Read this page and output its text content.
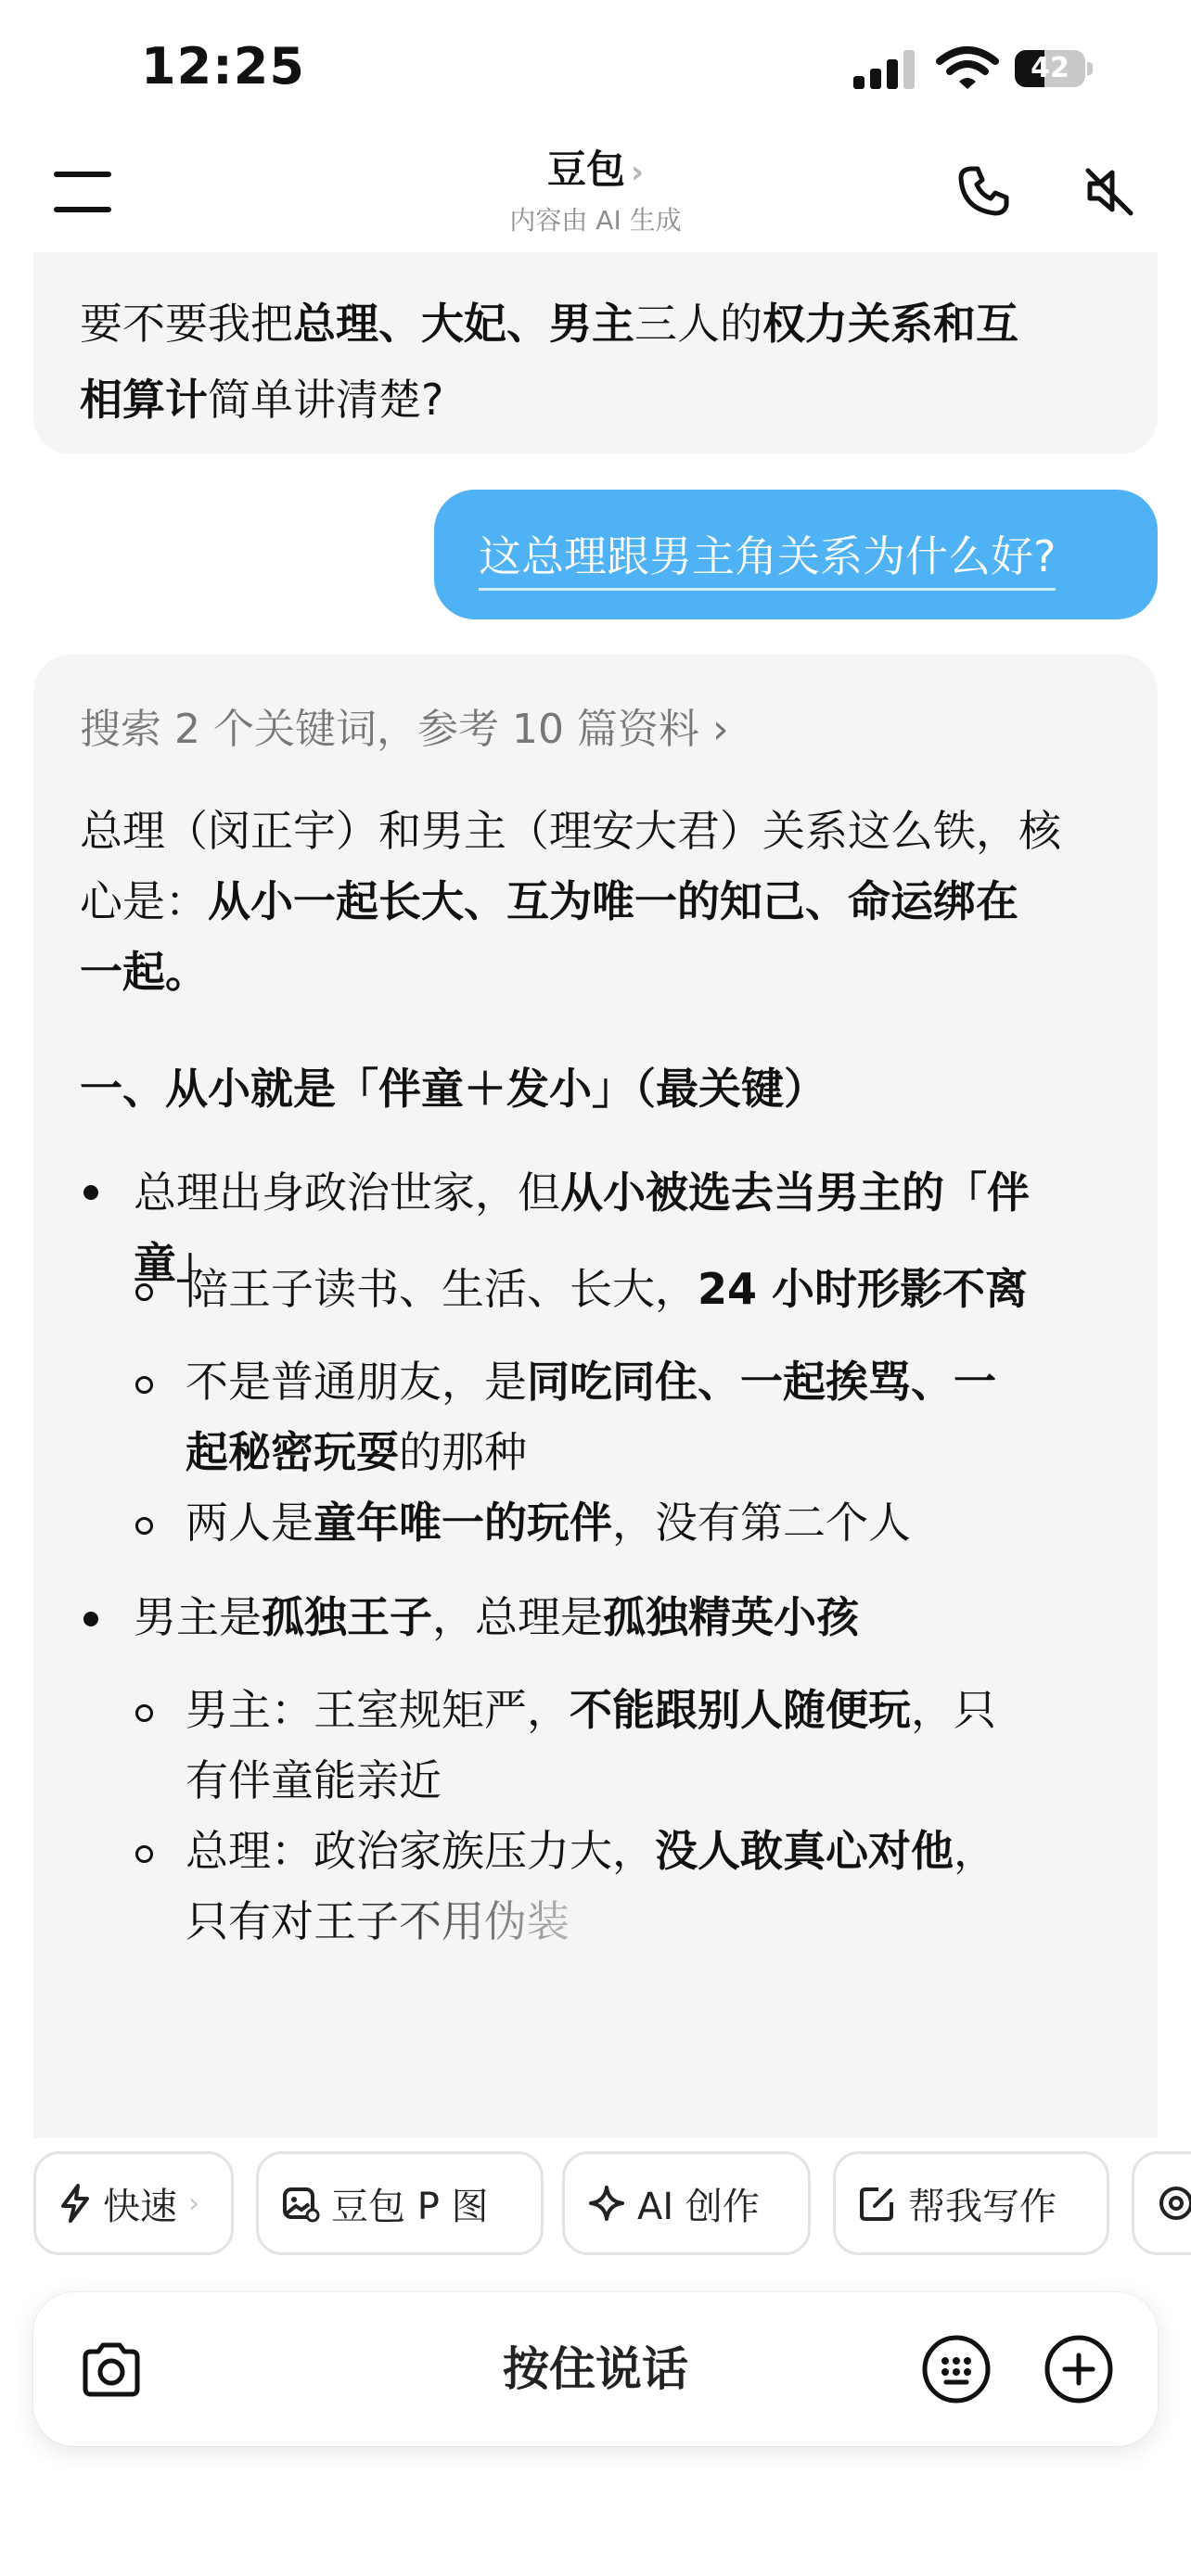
12:25	42
豆包 ›
内容由 AI 生成
要不要我把总理、大妃、男主三人的权力关系和互
相算计简单讲清楚?
这总理跟男主角关系为什么好?
搜索 2 个关键词，参考 10 篇资料 ›
总理（闵正宇）和男主（理安大君）关系这么铁，核
心是：从小一起长大、互为唯一的知己、命运绑在
一起。
一、从小就是「伴童＋发小」（最关键）
总理出身政治世家，但从小被选去当男主的「伴
童」
陪王子读书、生活、长大，24 小时形影不离
不是普通朋友，是同吃同住、一起挨骂、一
起秘密玩耍的那种
两人是童年唯一的玩伴，没有第二个人
男主是孤独王子，总理是孤独精英小孩
男主：王室规矩严，不能跟别人随便玩，只
有伴童能亲近
总理：政治家族压力大，没人敢真心对他，
只有对王子不用伪装
快速 ›	豆包 P 图	AI 创作	帮我写作
按住说话
